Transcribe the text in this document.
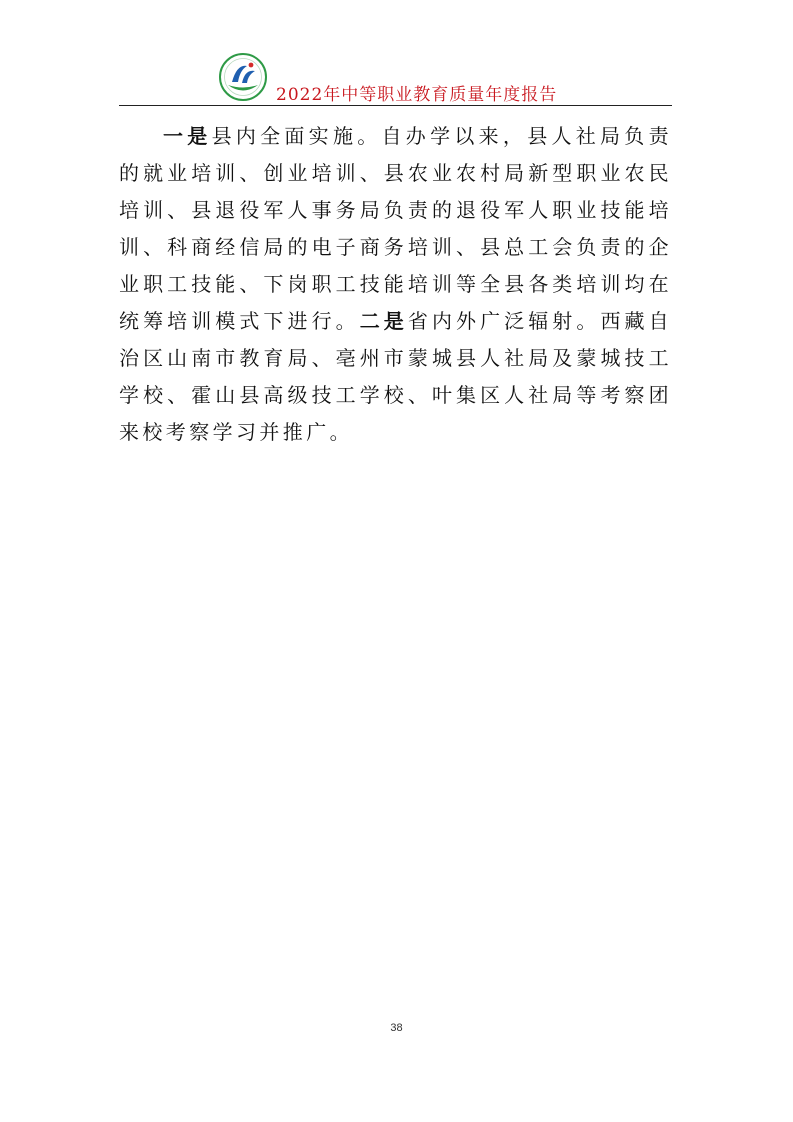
2022年中等职业教育质量年度报告

一是县内全面实施。自办学以来，县人社局负责的就业培训、创业培训、县农业农村局新型职业农民培训、县退役军人事务局负责的退役军人职业技能培训、科商经信局的电子商务培训、县总工会负责的企业职工技能、下岗职工技能培训等全县各类培训均在统筹培训模式下进行。二是省内外广泛辐射。西藏自治区山南市教育局、亳州市蒙城县人社局及蒙城技工学校、霍山县高级技工学校、叶集区人社局等考察团来校考察学习并推广。

38
